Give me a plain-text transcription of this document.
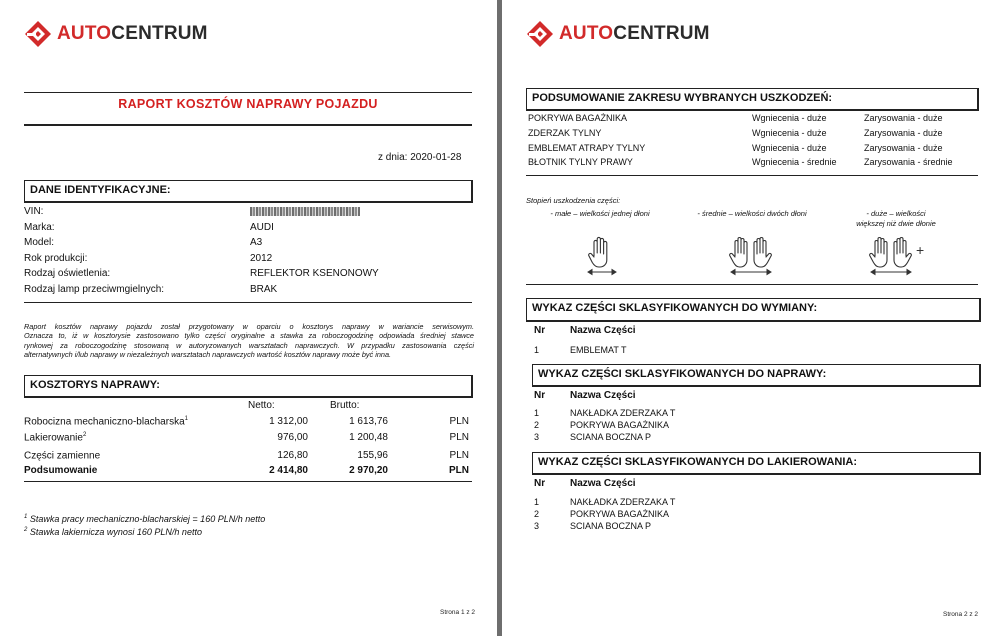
AUTOCENTRUM
RAPORT KOSZTÓW NAPRAWY POJAZDU
z dnia: 2020-01-28
DANE IDENTYFIKACYJNE:
VIN:
Marka:	AUDI
Model:	A3
Rok produkcji:	2012
Rodzaj oświetlenia:	REFLEKTOR KSENONOWY
Rodzaj lamp przeciwmgielnych:	BRAK
Raport kosztów naprawy pojazdu został przygotowany w oparciu o kosztorys naprawy w wariancie serwisowym.
Oznacza to, iż w kosztorysie zastosowano tylko części oryginalne a stawka za roboczogodzinę odpowiada średniej stawce
rynkowej za roboczogodzinę stosowaną w autoryzowanych warsztatach naprawczych. W przypadku zastosowania części
alternatywnych i/lub naprawy w niezależnych warsztatach naprawczych wartość kosztów naprawy może być inna.
KOSZTORYS NAPRAWY:
Netto:	Brutto:
Robocizna mechaniczno-blacharska$^1$	1 312,00	1 613,76	PLN
Lakierowanie$^2$	976,00	1 200,48	PLN
Części zamienne	126,80	155,96	PLN
Podsumowanie	2 414,80	2 970,20	PLN
$^1$ Stawka pracy mechaniczno-blacharskiej = 160 PLN/h netto
$^2$ Stawka lakiernicza wynosi 160 PLN/h netto
Strona 1 z 2
AUTOCENTRUM
PODSUMOWANIE ZAKRESU WYBRANYCH USZKODZEŃ:
POKRYWA BAGAŻNIKA	Wgniecenia - duże	Zarysowania - duże
ZDERZAK TYLNY	Wgniecenia - duże	Zarysowania - duże
EMBLEMAT ATRAPY TYLNY	Wgniecenia - duże	Zarysowania - duże
BŁOTNIK TYLNY PRAWY	Wgniecenia - średnie	Zarysowania - średnie
Stopień uszkodzenia części:
- małe – wielkości jednej dłoni	- średnie – wielkości dwóch dłoni	- duże – wielkości
większej niż dwie dłonie
+
WYKAZ CZĘŚCI SKLASYFIKOWANYCH DO WYMIANY:
Nr Nazwa Części
1	EMBLEMAT T
WYKAZ CZĘŚCI SKLASYFIKOWANYCH DO NAPRAWY:
Nr Nazwa Części
1	NAKŁADKA ZDERZAKA T
2	POKRYWA BAGAŻNIKA
3	SCIANA BOCZNA P
WYKAZ CZĘŚCI SKLASYFIKOWANYCH DO LAKIEROWANIA:
Nr Nazwa Części
1	NAKŁADKA ZDERZAKA T
2	POKRYWA BAGAŻNIKA
3	SCIANA BOCZNA P
Strona 2 z 2
